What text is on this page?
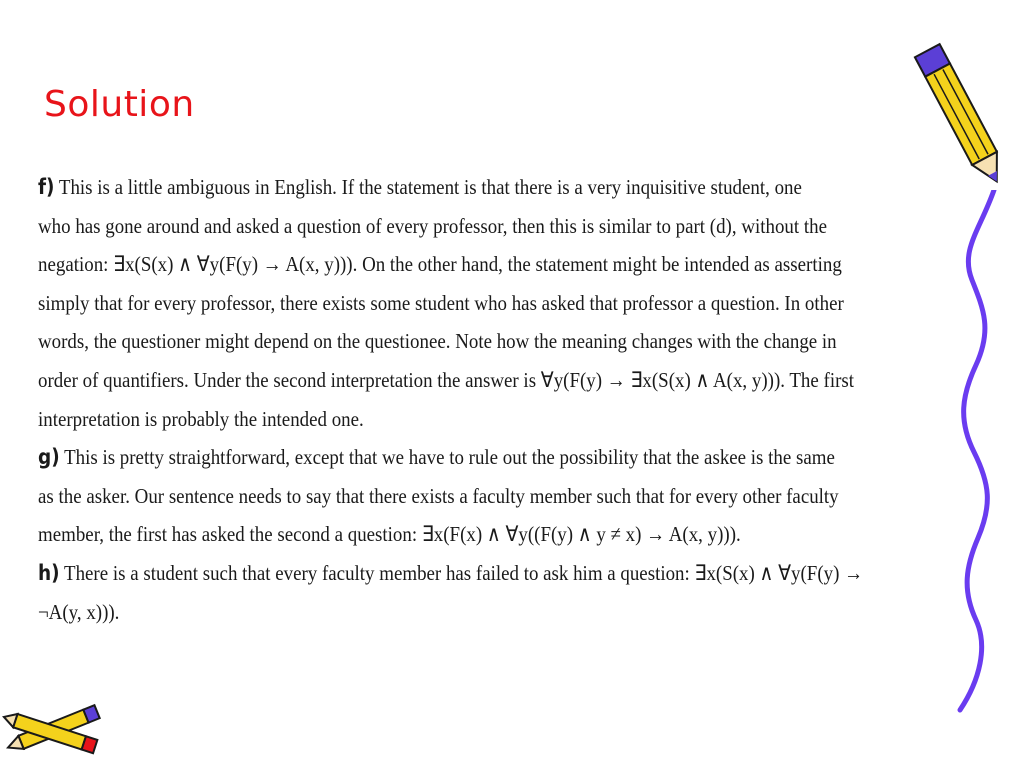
Solution
f) This is a little ambiguous in English. If the statement is that there is a very inquisitive student, one
who has gone around and asked a question of every professor, then this is similar to part (d), without the
negation: ∃x(S(x) ∧ ∀y(F(y) → A(x, y))). On the other hand, the statement might be intended as asserting
simply that for every professor, there exists some student who has asked that professor a question. In other
words, the questioner might depend on the questionee. Note how the meaning changes with the change in
order of quantifiers. Under the second interpretation the answer is ∀y(F(y) → ∃x(S(x) ∧ A(x, y))). The first
interpretation is probably the intended one.
g) This is pretty straightforward, except that we have to rule out the possibility that the askee is the same
as the asker. Our sentence needs to say that there exists a faculty member such that for every other faculty
member, the first has asked the second a question: ∃x(F(x) ∧ ∀y((F(y) ∧ y ≠ x) → A(x, y))).
h) There is a student such that every faculty member has failed to ask him a question: ∃x(S(x) ∧ ∀y(F(y) →
¬A(y, x))).
